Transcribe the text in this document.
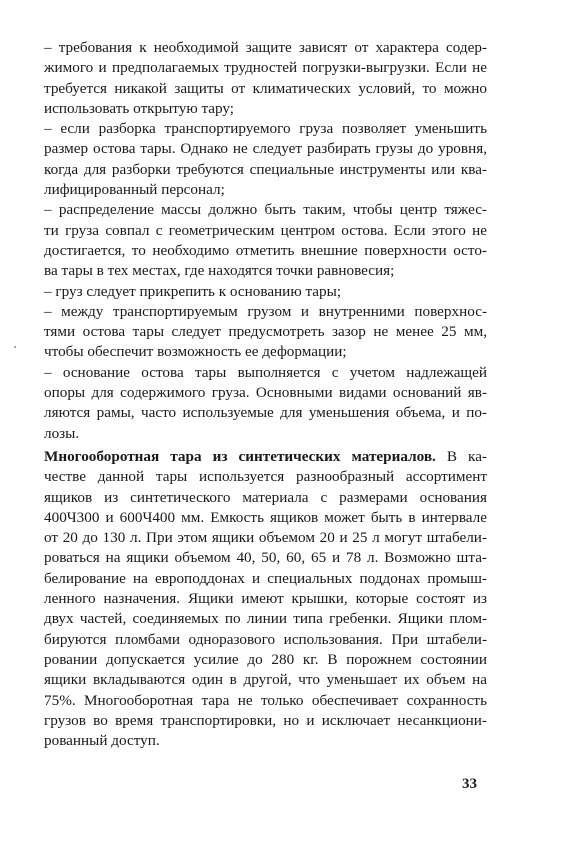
– требования к необходимой защите зависят от характера содер-
жимого и предполагаемых трудностей погрузки-выгрузки. Если не
требуется никакой защиты от климатических условий, то можно
использовать открытую тару;
– если разборка транспортируемого груза позволяет уменьшить
размер остова тары. Однако не следует разбирать грузы до уровня,
когда для разборки требуются специальные инструменты или ква-
лифицированный персонал;
– распределение массы должно быть таким, чтобы центр тяжес-
ти груза совпал с геометрическим центром остова. Если этого не
достигается, то необходимо отметить внешние поверхности осто-
ва тары в тех местах, где находятся точки равновесия;
– груз следует прикрепить к основанию тары;
– между транспортируемым грузом и внутренними поверхнос-
тями остова тары следует предусмотреть зазор не менее 25 мм,
чтобы обеспечит возможность ее деформации;
– основание остова тары выполняется с учетом надлежащей
опоры для содержимого груза. Основными видами оснований яв-
ляются рамы, часто используемые для уменьшения объема, и по-
лозы.
Многооборотная тара из синтетических материалов. В ка-
честве данной тары используется разнообразный ассортимент
ящиков из синтетического материала с размерами основания
400Ч300 и 600Ч400 мм. Емкость ящиков может быть в интервале
от 20 до 130 л. При этом ящики объемом 20 и 25 л могут штабели-
роваться на ящики объемом 40, 50, 60, 65 и 78 л. Возможно шта-
белирование на европоддонах и специальных поддонах промыш-
ленного назначения. Ящики имеют крышки, которые состоят из
двух частей, соединяемых по линии типа гребенки. Ящики плом-
бируются пломбами одноразового использования. При штабели-
ровании допускается усилие до 280 кг. В порожнем состоянии
ящики вкладываются один в другой, что уменьшает их объем на
75%. Многооборотная тара не только обеспечивает сохранность
грузов во время транспортировки, но и исключает несанкциони-
рованный доступ.
33
